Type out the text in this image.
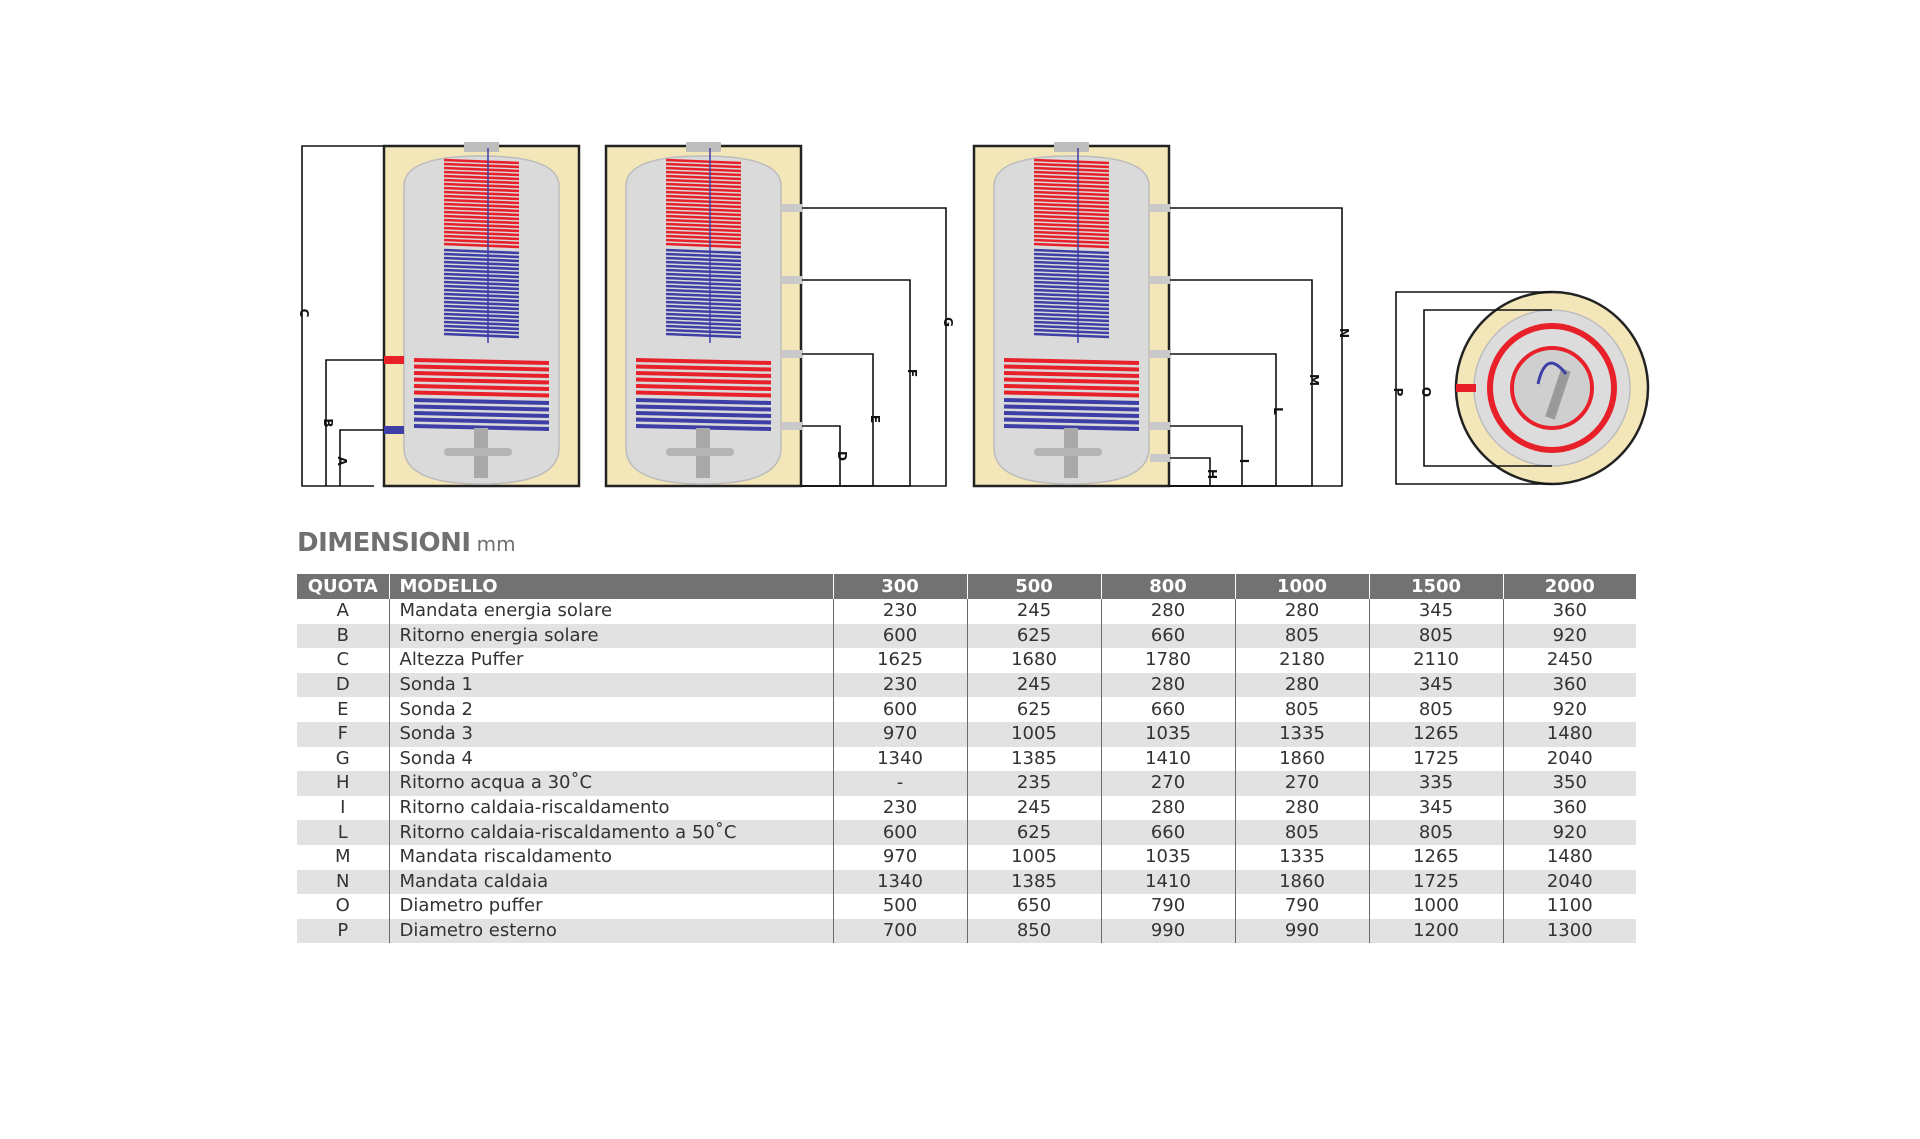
C
B
A
G
F
E
D
N
M
L
I
H
P O
DIMENSIONI mm
QUOTA	MODELLO	300	500	800	1000	1500	2000
A	Mandata energia solare	230	245	280	280	345	360
B	Ritorno energia solare	600	625	660	805	805	920
C	Altezza Puffer	1625	1680	1780	2180	2110	2450
D	Sonda 1	230	245	280	280	345	360
E	Sonda 2	600	625	660	805	805	920
F	Sonda 3	970	1005	1035	1335	1265	1480
G	Sonda 4	1340	1385	1410	1860	1725	2040
H	Ritorno acqua a 30˚C	-	235	270	270	335	350
I	Ritorno caldaia-riscaldamento	230	245	280	280	345	360
L	Ritorno caldaia-riscaldamento a 50˚C	600	625	660	805	805	920
M	Mandata riscaldamento	970	1005	1035	1335	1265	1480
N	Mandata caldaia	1340	1385	1410	1860	1725	2040
O	Diametro puffer	500	650	790	790	1000	1100
P	Diametro esterno	700	850	990	990	1200	1300
